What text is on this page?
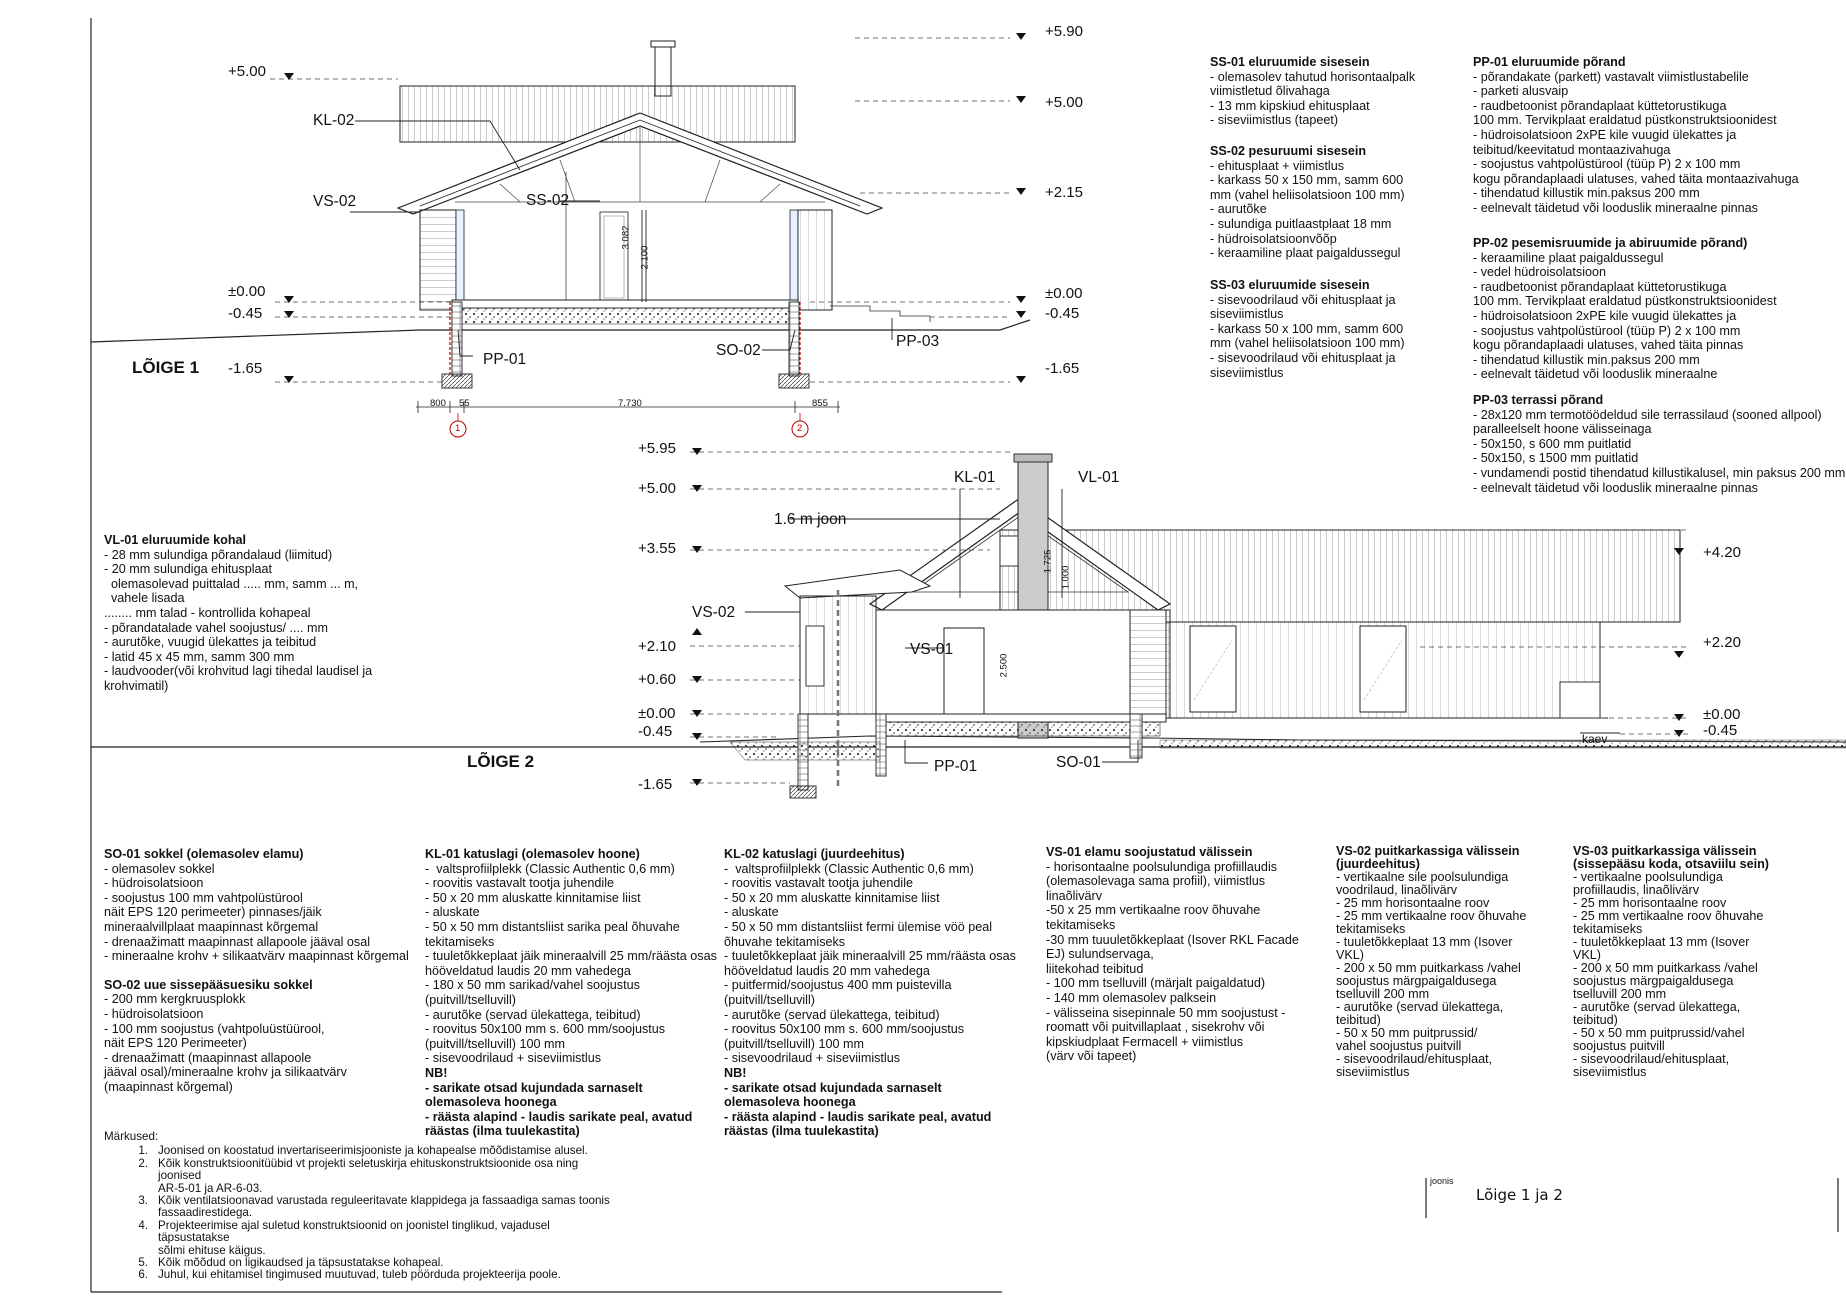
+5.90
+5.00
+5.00
+2.15
±0.00	±0.00
-0.45	-0.45
-1.65	-1.65
KL-02
VS-02	SS-02
PP-01
SO-02
PP-03
LÕIGE 1
LÕIGE 2
800 55	7.730	855
1	2
3.082
2.100
+5.95
+5.00
+3.55	+4.20
+2.10	+2.20
+0.60
±0.00	±0.00
-0.45	-0.45
-1.65
KL-01	VL-01
1.6 m joon
VS-02
VS-01
PP-01	SO-01
kaev
1.725
1.000
2.500
SS-01 eluruumide sisesein
- olemasolev tahutud horisontaalpalk
viimistletud õlivahaga
- 13 mm kipskiud ehitusplaat
- siseviimistlus (tapeet)
SS-02 pesuruumi sisesein
- ehitusplaat + viimistlus
- karkass 50 x 150 mm, samm 600
mm (vahel heliisolatsioon 100 mm)
- aurutõke
- sulundiga puitlaastplaat 18 mm
- hüdroisolatsioonvõõp
- keraamiline plaat paigaldussegul
SS-03 eluruumide sisesein
- sisevoodrilaud või ehitusplaat ja
siseviimistlus
- karkass 50 x 100 mm, samm 600
mm (vahel heliisolatsioon 100 mm)
- sisevoodrilaud või ehitusplaat ja
siseviimistlus
PP-01 eluruumide põrand
- põrandakate (parkett) vastavalt viimistlustabelile
- parketi alusvaip
- raudbetoonist põrandaplaat küttetorustikuga
100 mm. Tervikplaat eraldatud püstkonstruktsioonidest
- hüdroisolatsioon 2xPE kile vuugid ülekattes ja
teibitud/keevitatud montaazivahuga
- soojustus vahtpolüstürool (tüüp P) 2 x 100 mm
kogu põrandaplaadi ulatuses, vahed täita montaazivahuga
- tihendatud killustik min.paksus 200 mm
- eelnevalt täidetud või looduslik mineraalne pinnas
PP-02 pesemisruumide ja abiruumide põrand)
- keraamiline plaat paigaldussegul
- vedel hüdroisolatsioon
- raudbetoonist põrandaplaat küttetorustikuga
100 mm. Tervikplaat eraldatud püstkonstruktsioonidest
- hüdroisolatsioon 2xPE kile vuugid ülekattes ja
- soojustus vahtpolüstürool (tüüp P) 2 x 100 mm
kogu põrandaplaadi ulatuses, vahed täita pinnas
- tihendatud killustik min.paksus 200 mm
- eelnevalt täidetud või looduslik mineraalne
PP-03 terrassi põrand
- 28x120 mm termotöödeldud sile terrassilaud (sooned allpool)
paralleelselt hoone välisseinaga
- 50x150, s 600 mm puitlatid
- 50x150, s 1500 mm puitlatid
- vundamendi postid tihendatud killustikalusel, min paksus 200 mm
- eelnevalt täidetud või looduslik mineraalne pinnas
VL-01 eluruumide kohal
- 28 mm sulundiga põrandalaud (liimitud)
- 20 mm sulundiga ehitusplaat
olemasolevad puittalad ..... mm, samm ... m,
vahele lisada
........ mm talad - kontrollida kohapeal
- põrandatalade vahel soojustus/ .... mm
- aurutõke, vuugid ülekattes ja teibitud
- latid 45 x 45 mm, samm 300 mm
- laudvooder(või krohvitud lagi tihedal laudisel ja
krohvimatil)
SO-01 sokkel (olemasolev elamu)
- olemasolev sokkel
- hüdroisolatsioon
- soojustus 100 mm vahtpolüstürool
näit EPS 120 perimeeter) pinnases/jäik
mineraalvillplaat maapinnast kõrgemal
- drenaažimatt maapinnast allapoole jääval osal
- mineraalne krohv + silikaatvärv maapinnast kõrgemal
SO-02 uue sissepääsuesiku sokkel
- 200 mm kergkruusplokk
- hüdroisolatsioon
- 100 mm soojustus (vahtpoluüstüürool,
näit EPS 120 Perimeeter)
- drenaažimatt (maapinnast allapoole
jääval osal)/mineraalne krohv ja silikaatvärv
(maapinnast kõrgemal)
KL-01 katuslagi (olemasolev hoone)
-  valtsprofiilplekk (Classic Authentic 0,6 mm)
- roovitis vastavalt tootja juhendile
- 50 x 20 mm aluskatte kinnitamise liist
- aluskate
- 50 x 50 mm distantsliist sarika peal õhuvahe
tekitamiseks
- tuuletõkkeplaat jäik mineraalvill 25 mm/räästa osas
hööveldatud laudis 20 mm vahedega
- 180 x 50 mm sarikad/vahel soojustus
(puitvill/tselluvill)
- aurutõke (servad ülekattega, teibitud)
- roovitus 50x100 mm s. 600 mm/soojustus
(puitvill/tselluvill) 100 mm
- sisevoodrilaud + siseviimistlus
NB!
- sarikate otsad kujundada sarnaselt
olemasoleva hoonega
- räästa alapind - laudis sarikate peal, avatud
räästas (ilma tuulekastita)
KL-02 katuslagi (juurdeehitus)
-  valtsprofiilplekk (Classic Authentic 0,6 mm)
- roovitis vastavalt tootja juhendile
- 50 x 20 mm aluskatte kinnitamise liist
- aluskate
- 50 x 50 mm distantsliist fermi ülemise vöö peal
õhuvahe tekitamiseks
- tuuletõkkeplaat jäik mineraalvill 25 mm/räästa osas
hööveldatud laudis 20 mm vahedega
- puitfermid/soojustus 400 mm puistevilla
(puitvill/tselluvill)
- aurutõke (servad ülekattega, teibitud)
- roovitus 50x100 mm s. 600 mm/soojustus
(puitvill/tselluvill) 100 mm
- sisevoodrilaud + siseviimistlus
NB!
- sarikate otsad kujundada sarnaselt
olemasoleva hoonega
- räästa alapind - laudis sarikate peal, avatud
räästas (ilma tuulekastita)
VS-01 elamu soojustatud välissein
- horisontaalne poolsulundiga profiillaudis
(olemasolevaga sama profiil), viimistlus
linaõlivärv
-50 x 25 mm vertikaalne roov õhuvahe
tekitamiseks
-30 mm tuuuletõkkeplaat (Isover RKL Facade
EJ) sulundservaga,
liitekohad teibitud
- 100 mm tselluvill (märjalt paigaldatud)
- 140 mm olemasolev palksein
- välisseina sisepinnale 50 mm soojustust -
roomatt või puitvillaplaat , sisekrohv või
kipskiudplaat Fermacell + viimistlus
(värv või tapeet)
VS-02 puitkarkassiga välissein
(juurdeehitus)
- vertikaalne sile poolsulundiga
voodrilaud, linaõlivärv
- 25 mm horisontaalne roov
- 25 mm vertikaalne roov õhuvahe
tekitamiseks
- tuuletõkkeplaat 13 mm (Isover
VKL)
- 200 x 50 mm puitkarkass /vahel
soojustus märgpaigaldusega
tselluvill 200 mm
- aurutõke (servad ülekattega,
teibitud)
- 50 x 50 mm puitprussid/
vahel soojustus puitvill
- sisevoodrilaud/ehitusplaat,
siseviimistlus
VS-03 puitkarkassiga välissein
(sissepääsu koda, otsaviilu sein)
- vertikaalne poolsulundiga
profiillaudis, linaõlivärv
- 25 mm horisontaalne roov
- 25 mm vertikaalne roov õhuvahe
tekitamiseks
- tuuletõkkeplaat 13 mm (Isover
VKL)
- 200 x 50 mm puitkarkass /vahel
soojustus märgpaigaldusega
tselluvill 200 mm
- aurutõke (servad ülekattega,
teibitud)
- 50 x 50 mm puitprussid/vahel
soojustus puitvill
- sisevoodrilaud/ehitusplaat,
siseviimistlus
Märkused:
1. Joonised on koostatud invertariseerimisjooniste ja kohapealse mõõdistamise alusel.
2. Kõik konstruktsioonitüübid vt projekti seletuskirja ehituskonstruktsioonide osa ning joonised
AR-5-01 ja AR-6-03.
3. Kõik ventilatsioonavad varustada reguleeritavate klappidega ja fassaadiga samas toonis fassaadirestidega.
4. Projekteerimise ajal suletud konstruktsioonid on joonistel tinglikud, vajadusel täpsustatakse
sõlmi ehituse käigus.
5. Kõik mõõdud on ligikaudsed ja täpsustatakse kohapeal.
6. Juhul, kui ehitamisel tingimused muutuvad, tuleb pöörduda projekteerija poole.
joonis
Lõige 1 ja 2
